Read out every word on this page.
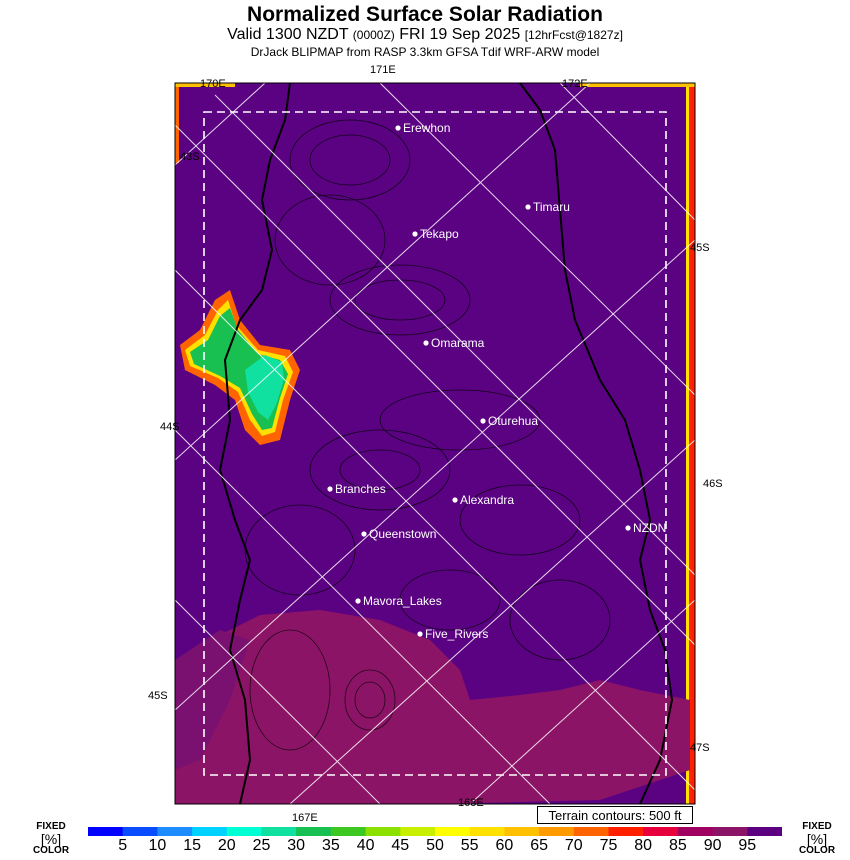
Normalized Surface Solar Radiation
Valid 1300 NZDT (0000Z) FRI 19 Sep 2025 [12hrFcst@1827z]
DrJack BLIPMAP from RASP 3.3km GFSA Tdif WRF-ARW model
Erewhon
Timaru
Tekapo
Omarama
Oturehua
Branches
Alexandra
NZDN
Queenstown
Mavora_Lakes
Five_Rivers
170E
171E
172E
43S
44S
45S
45S
46S
47S
167E
168E
Terrain contours: 500 ft
FIXED
[%]
COLOR
FIXED
[%]
COLOR
5	10	15	20	25	30	35	40	45	50	55	60	65	70	75	80	85	90	95
